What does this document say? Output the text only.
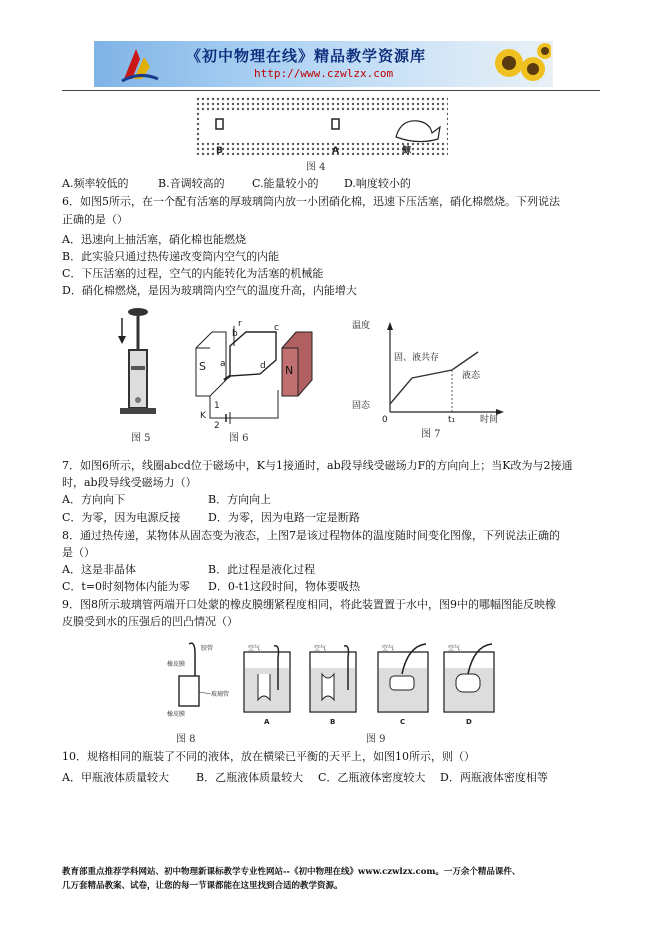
《初中物理在线》精品教学资源库
http://www.czwlzx.com
B	A	鲸
图 4
A.频率较低的	B.音调较高的 C.能量较小的 D.响度较小的
6．如图5所示，在一个配有活塞的厚玻璃筒内放一小团硝化棉，迅速下压活塞，硝化棉燃烧。下列说法
正确的是（）
A．迅速向上抽活塞，硝化棉也能燃烧
B．此实验只通过热传递改变筒内空气的内能
C．下压活塞的过程，空气的内能转化为活塞的机械能
D．硝化棉燃烧，是因为玻璃筒内空气的温度升高，内能增大
图 5
S	N
a
b
c
d
r
1
2
K
图 6
温度
固、液共存
液态
固态
0	t₁	时间
图 7
7．如图6所示，线圈abcd位于磁场中，K与1接通时，ab段导线受磁场力F的方向向上；当K改为与2接通
时，ab段导线受磁场力（）
A．方向向下	B．方向向上
C．为零，因为电源反接	D．为零，因为电路一定是断路
8．通过热传递，某物体从固态变为液态，上图7是该过程物体的温度随时间变化图像，下列说法正确的
是（）
A．这是非晶体	B．此过程是液化过程
C．t=0时刻物体内能为零 D．0-t1这段时间，物体要吸热
9．图8所示玻璃管两端开口处蒙的橡皮膜绷紧程度相同，将此装置置于水中，图9中的哪幅图能反映橡
皮膜受到水的压强后的凹凸情况（）
胶管
橡皮膜
玻璃管
橡皮膜
图 8
空气
A
空气
B
空气
C
空气
D
图 9
10．规格相同的瓶装了不同的液体，放在横梁已平衡的天平上，如图10所示，则（）
A．甲瓶液体质量较大 B．乙瓶液体质量较大 C．乙瓶液体密度较大 D．两瓶液体密度相等
教育部重点推荐学科网站、初中物理新课标教学专业性网站--《初中物理在线》www.czwlzx.com。一万余个精品课件、
几万套精品教案、试卷，让您的每一节课都能在这里找到合适的教学资源。
